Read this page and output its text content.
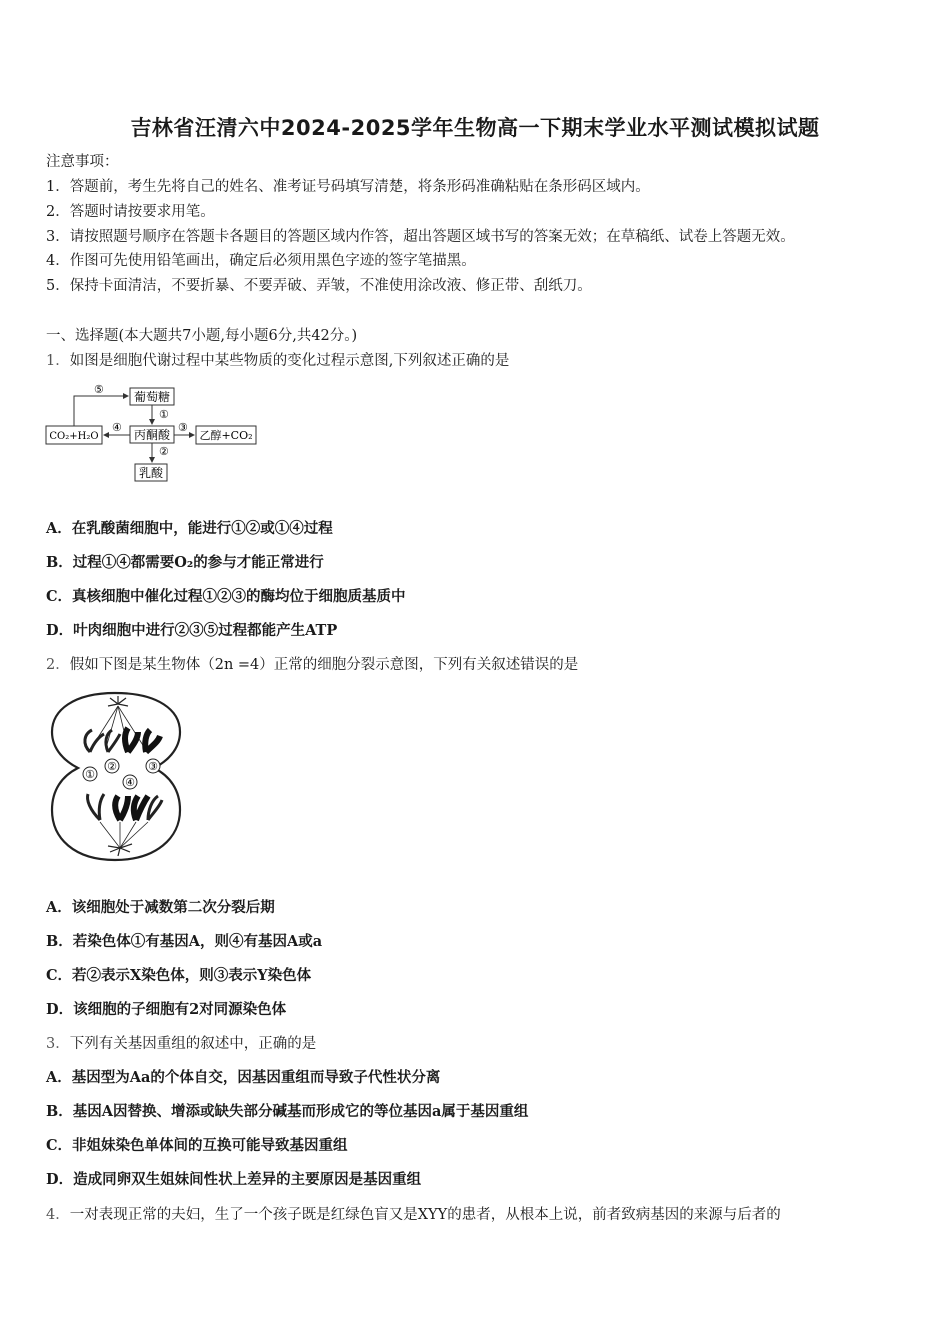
吉林省汪清六中2024-2025学年生物高一下期末学业水平测试模拟试题
注意事项：
1．答题前，考生先将自己的姓名、准考证号码填写清楚，将条形码准确粘贴在条形码区域内。
2．答题时请按要求用笔。
3．请按照题号顺序在答题卡各题目的答题区域内作答，超出答题区域书写的答案无效；在草稿纸、试卷上答题无效。
4．作图可先使用铅笔画出，确定后必须用黑色字迹的签字笔描黑。
5．保持卡面清洁，不要折暴、不要弄破、弄皱，不准使用涂改液、修正带、刮纸刀。
一、选择题(本大题共7小题,每小题6分,共42分。)
1．如图是细胞代谢过程中某些物质的变化过程示意图,下列叙述正确的是
葡萄糖
丙酮酸
CO₂+H₂O	乙醇+CO₂
乳酸
①
②
③
④
⑤
A．在乳酸菌细胞中，能进行①②或①④过程
B．过程①④都需要O₂的参与才能正常进行
C．真核细胞中催化过程①②③的酶均位于细胞质基质中
D．叶肉细胞中进行②③⑤过程都能产生ATP
2．假如下图是某生物体（2n =4）正常的细胞分裂示意图，下列有关叙述错误的是
①
②	③
④
A．该细胞处于减数第二次分裂后期
B．若染色体①有基因A，则④有基因A或a
C．若②表示X染色体，则③表示Y染色体
D．该细胞的子细胞有2对同源染色体
3．下列有关基因重组的叙述中，正确的是
A．基因型为Aa的个体自交，因基因重组而导致子代性状分离
B．基因A因替换、增添或缺失部分碱基而形成它的等位基因a属于基因重组
C．非姐妹染色单体间的互换可能导致基因重组
D．造成同卵双生姐妹间性状上差异的主要原因是基因重组
4．一对表现正常的夫妇，生了一个孩子既是红绿色盲又是XYY的患者，从根本上说，前者致病基因的来源与后者的
